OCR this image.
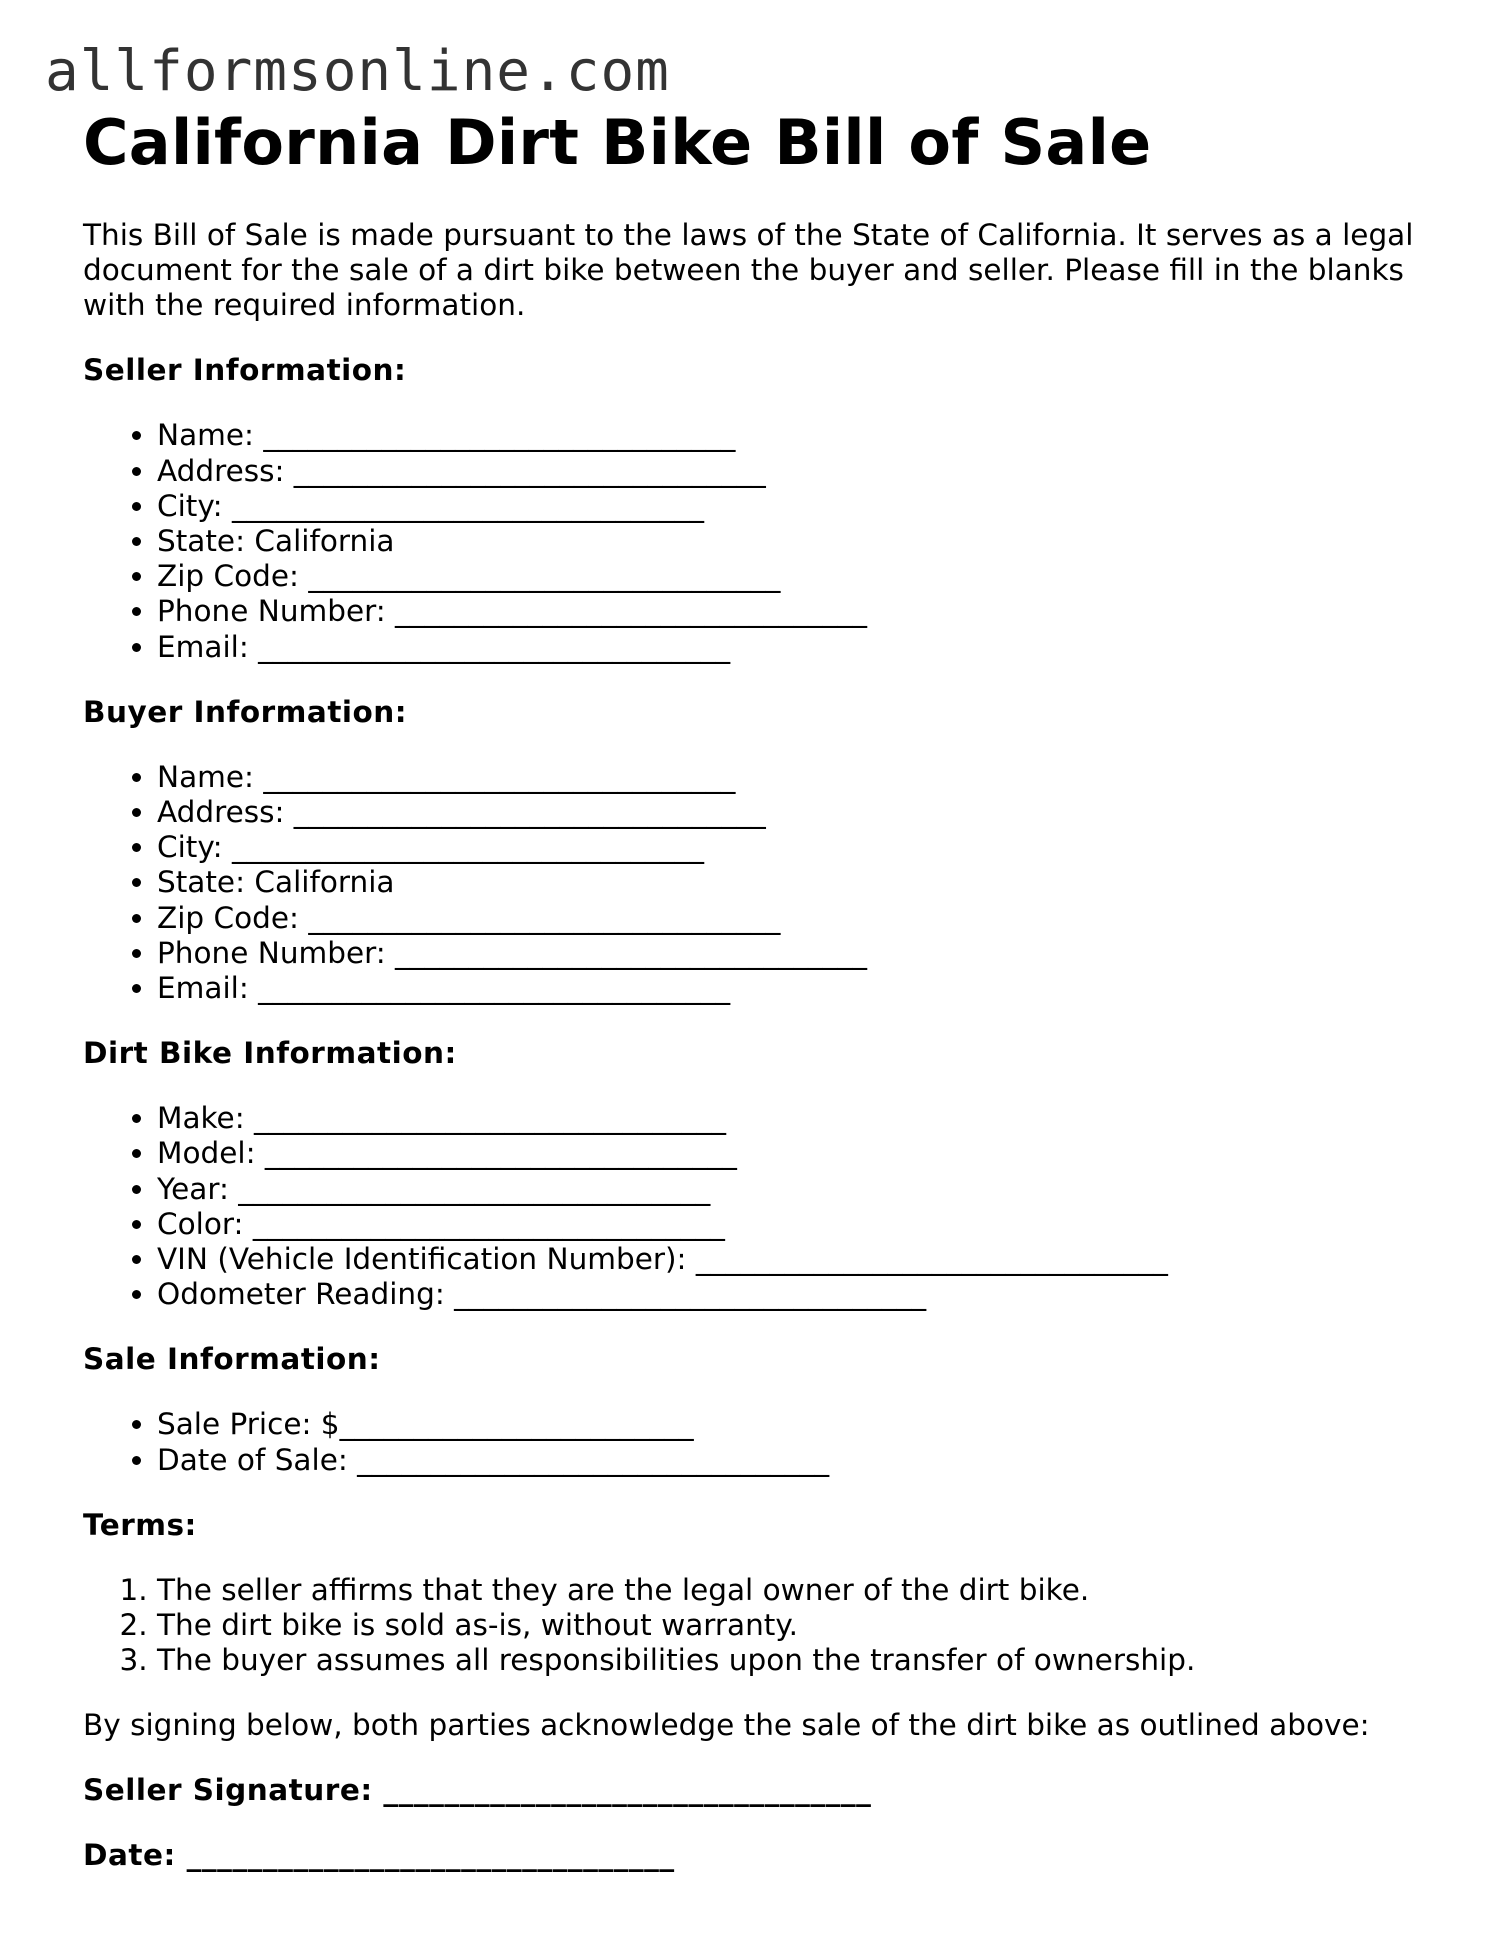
allformsonline.com
California Dirt Bike Bill of Sale

This Bill of Sale is made pursuant to the laws of the State of California. It serves as a legal document for the sale of a dirt bike between the buyer and seller. Please fill in the blanks with the required information.

Seller Information:
• Name: ________________________________
• Address: ________________________________
• City: ________________________________
• State: California
• Zip Code: ________________________________
• Phone Number: ________________________________
• Email: ________________________________
Buyer Information:
• Name: ________________________________
• Address: ________________________________
• City: ________________________________
• State: California
• Zip Code: ________________________________
• Phone Number: ________________________________
• Email: ________________________________
Dirt Bike Information:
• Make: ________________________________
• Model: ________________________________
• Year: ________________________________
• Color: ________________________________
• VIN (Vehicle Identification Number): ________________________________
• Odometer Reading: ________________________________
Sale Information:
• Sale Price: $________________________
• Date of Sale: ________________________________
Terms:
1. The seller affirms that they are the legal owner of the dirt bike.
2. The dirt bike is sold as-is, without warranty.
3. The buyer assumes all responsibilities upon the transfer of ownership.

By signing below, both parties acknowledge the sale of the dirt bike as outlined above:

Seller Signature: ________________________________

Date: ________________________________
